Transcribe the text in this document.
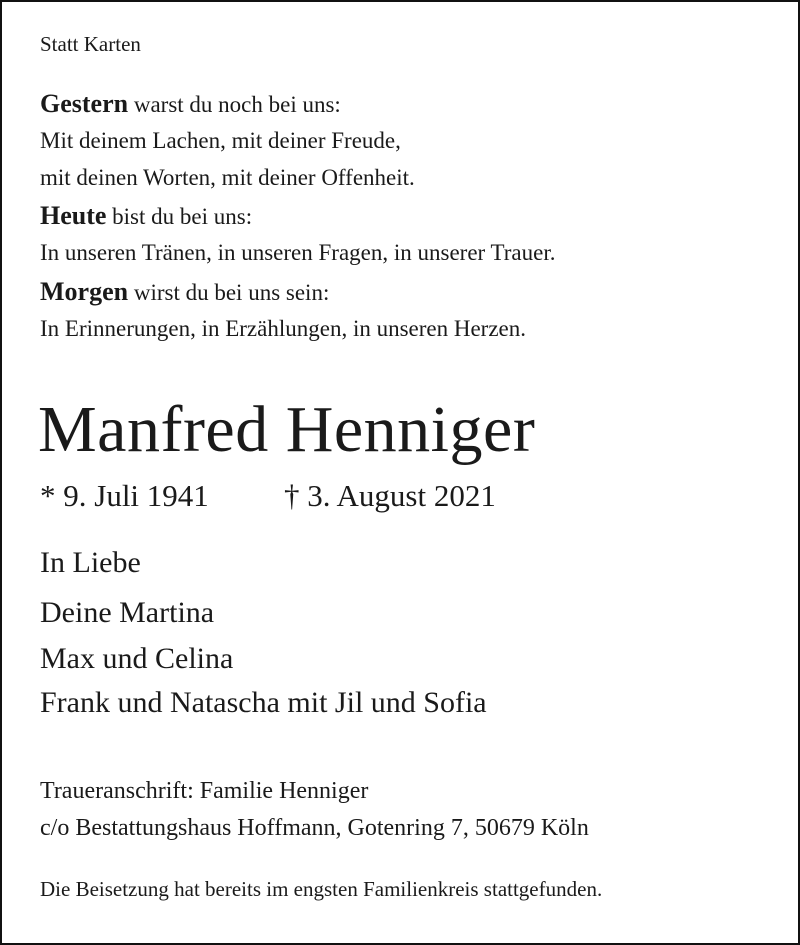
Statt Karten

Gestern warst du noch bei uns:

Mit deinem Lachen, mit deiner Freude,

mit deinen Worten, mit deiner Offenheit.

Heute bist du bei uns:

In unseren Tränen, in unseren Fragen, in unserer Trauer.

Morgen wirst du bei uns sein:

In Erinnerungen, in Erzählungen, in unseren Herzen.

Manfred Henniger

* 9. Juli 1941 † 3. August 2021

In Liebe

Deine Martina

Max und Celina

Frank und Natascha mit Jil und Sofia

Traueranschrift: Familie Henniger

c/o Bestattungshaus Hoffmann, Gotenring 7, 50679 Köln

Die Beisetzung hat bereits im engsten Familienkreis stattgefunden.
